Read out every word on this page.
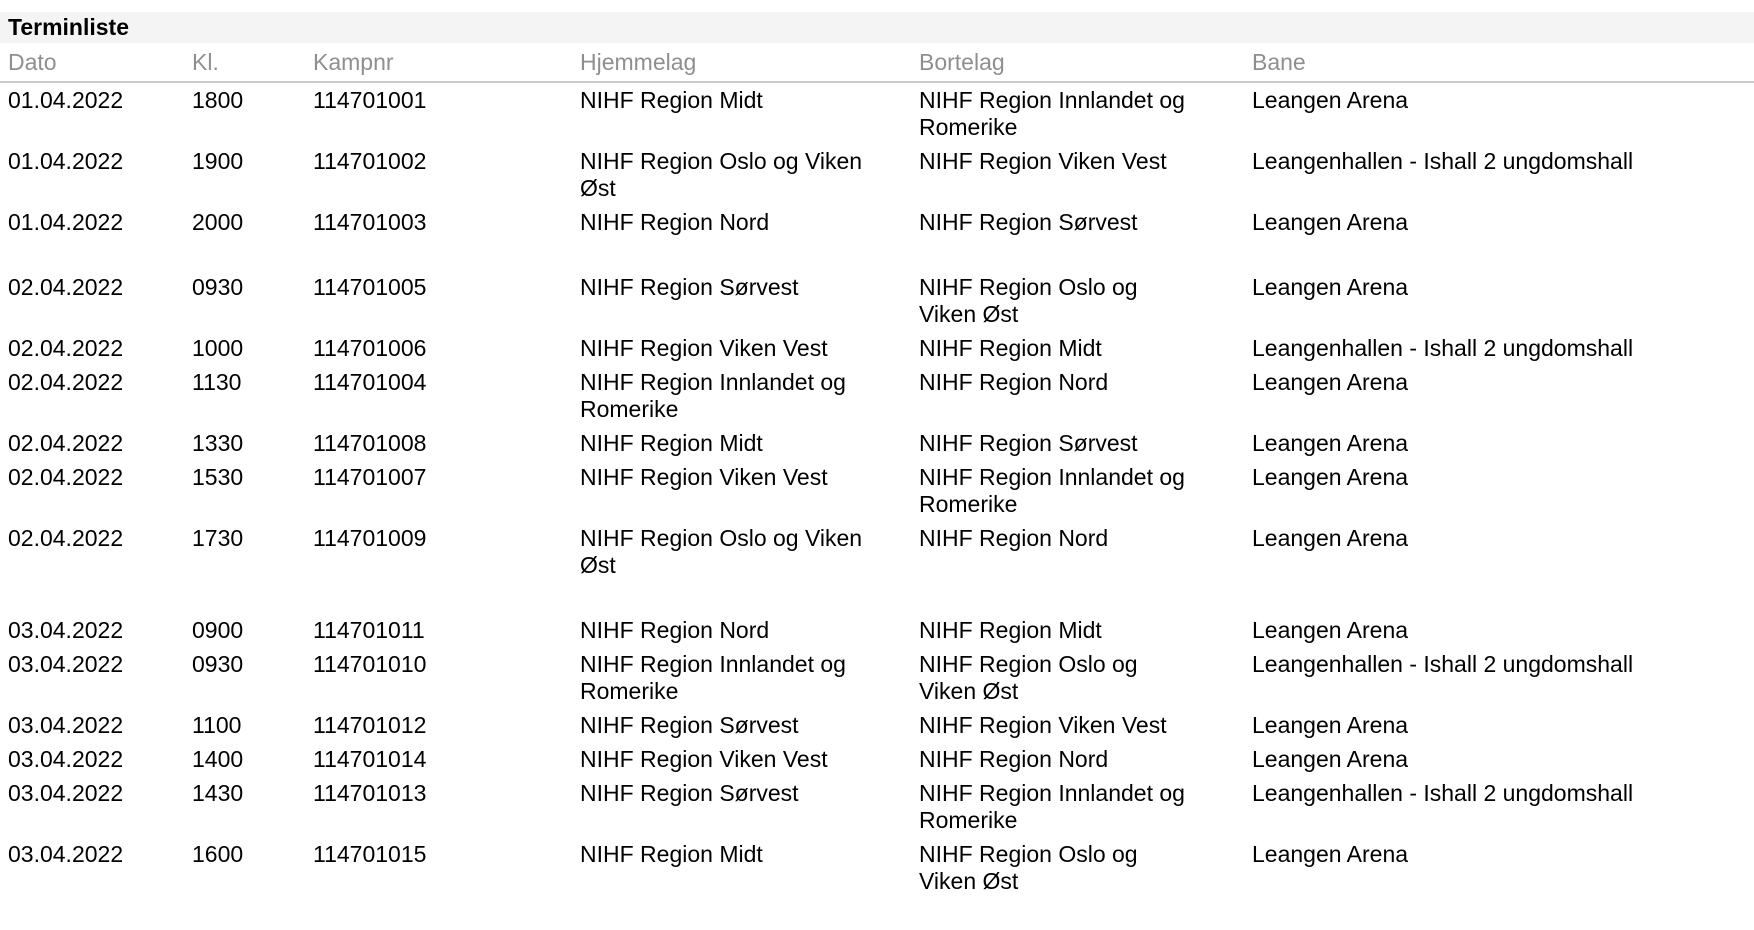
Terminliste
Dato	Kl.	Kampnr	Hjemmelag	Bortelag	Bane
01.04.2022	1800	114701001	NIHF Region Midt	NIHF Region Innlandet og Romerike	Leangen Arena
01.04.2022	1900	114701002	NIHF Region Oslo og Viken Øst	NIHF Region Viken Vest	Leangenhallen - Ishall 2 ungdomshall
01.04.2022	2000	114701003	NIHF Region Nord	NIHF Region Sørvest	Leangen Arena

02.04.2022	0930	114701005	NIHF Region Sørvest	NIHF Region Oslo og Viken Øst	Leangen Arena
02.04.2022	1000	114701006	NIHF Region Viken Vest	NIHF Region Midt	Leangenhallen - Ishall 2 ungdomshall
02.04.2022	1130	114701004	NIHF Region Innlandet og Romerike	NIHF Region Nord	Leangen Arena
02.04.2022	1330	114701008	NIHF Region Midt	NIHF Region Sørvest	Leangen Arena
02.04.2022	1530	114701007	NIHF Region Viken Vest	NIHF Region Innlandet og Romerike	Leangen Arena
02.04.2022	1730	114701009	NIHF Region Oslo og Viken Øst	NIHF Region Nord	Leangen Arena

03.04.2022	0900	114701011	NIHF Region Nord	NIHF Region Midt	Leangen Arena
03.04.2022	0930	114701010	NIHF Region Innlandet og Romerike	NIHF Region Oslo og Viken Øst	Leangenhallen - Ishall 2 ungdomshall
03.04.2022	1100	114701012	NIHF Region Sørvest	NIHF Region Viken Vest	Leangen Arena
03.04.2022	1400	114701014	NIHF Region Viken Vest	NIHF Region Nord	Leangen Arena
03.04.2022	1430	114701013	NIHF Region Sørvest	NIHF Region Innlandet og Romerike	Leangenhallen - Ishall 2 ungdomshall
03.04.2022	1600	114701015	NIHF Region Midt	NIHF Region Oslo og Viken Øst	Leangen Arena
